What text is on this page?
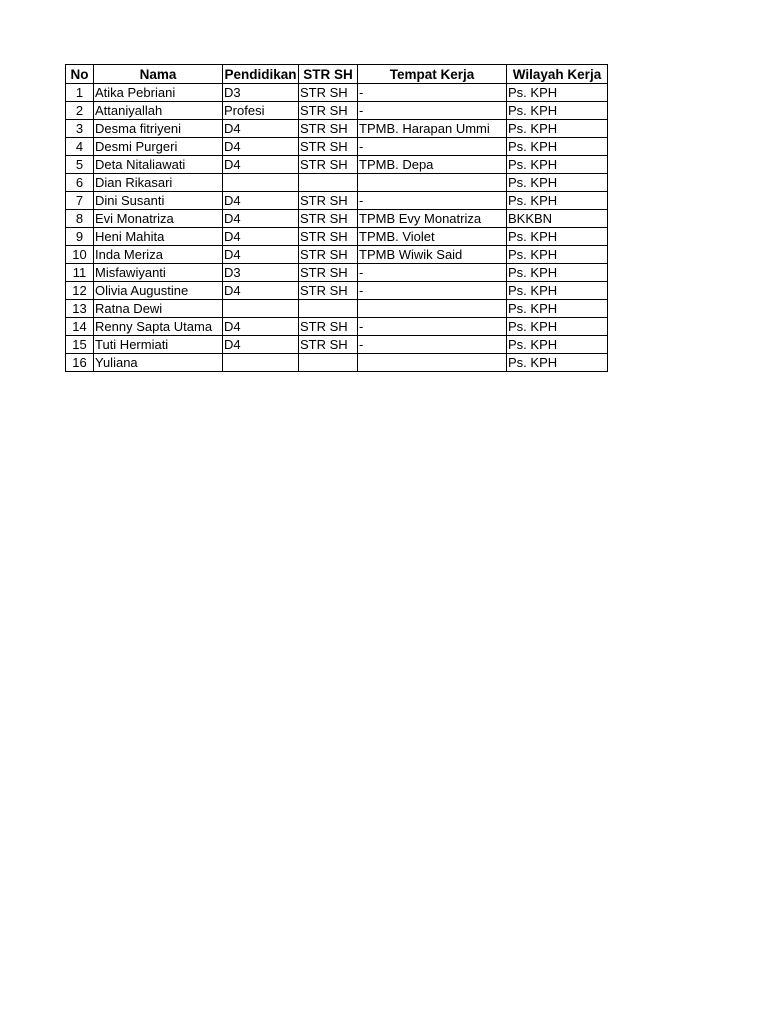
No	Nama	Pendidikan	STR SH	Tempat Kerja	Wilayah Kerja
1	Atika Pebriani	D3	STR SH	-	Ps. KPH
2	Attaniyallah	Profesi	STR SH	-	Ps. KPH
3	Desma fitriyeni	D4	STR SH	TPMB. Harapan Ummi	Ps. KPH
4	Desmi Purgeri	D4	STR SH	-	Ps. KPH
5	Deta Nitaliawati	D4	STR SH	TPMB. Depa	Ps. KPH
6	Dian Rikasari				Ps. KPH
7	Dini Susanti	D4	STR SH	-	Ps. KPH
8	Evi Monatriza	D4	STR SH	TPMB Evy Monatriza	BKKBN
9	Heni Mahita	D4	STR SH	TPMB. Violet	Ps. KPH
10	Inda Meriza	D4	STR SH	TPMB Wiwik Said	Ps. KPH
11	Misfawiyanti	D3	STR SH	-	Ps. KPH
12	Olivia Augustine	D4	STR SH	-	Ps. KPH
13	Ratna Dewi				Ps. KPH
14	Renny Sapta Utama	D4	STR SH	-	Ps. KPH
15	Tuti Hermiati	D4	STR SH	-	Ps. KPH
16	Yuliana				Ps. KPH
